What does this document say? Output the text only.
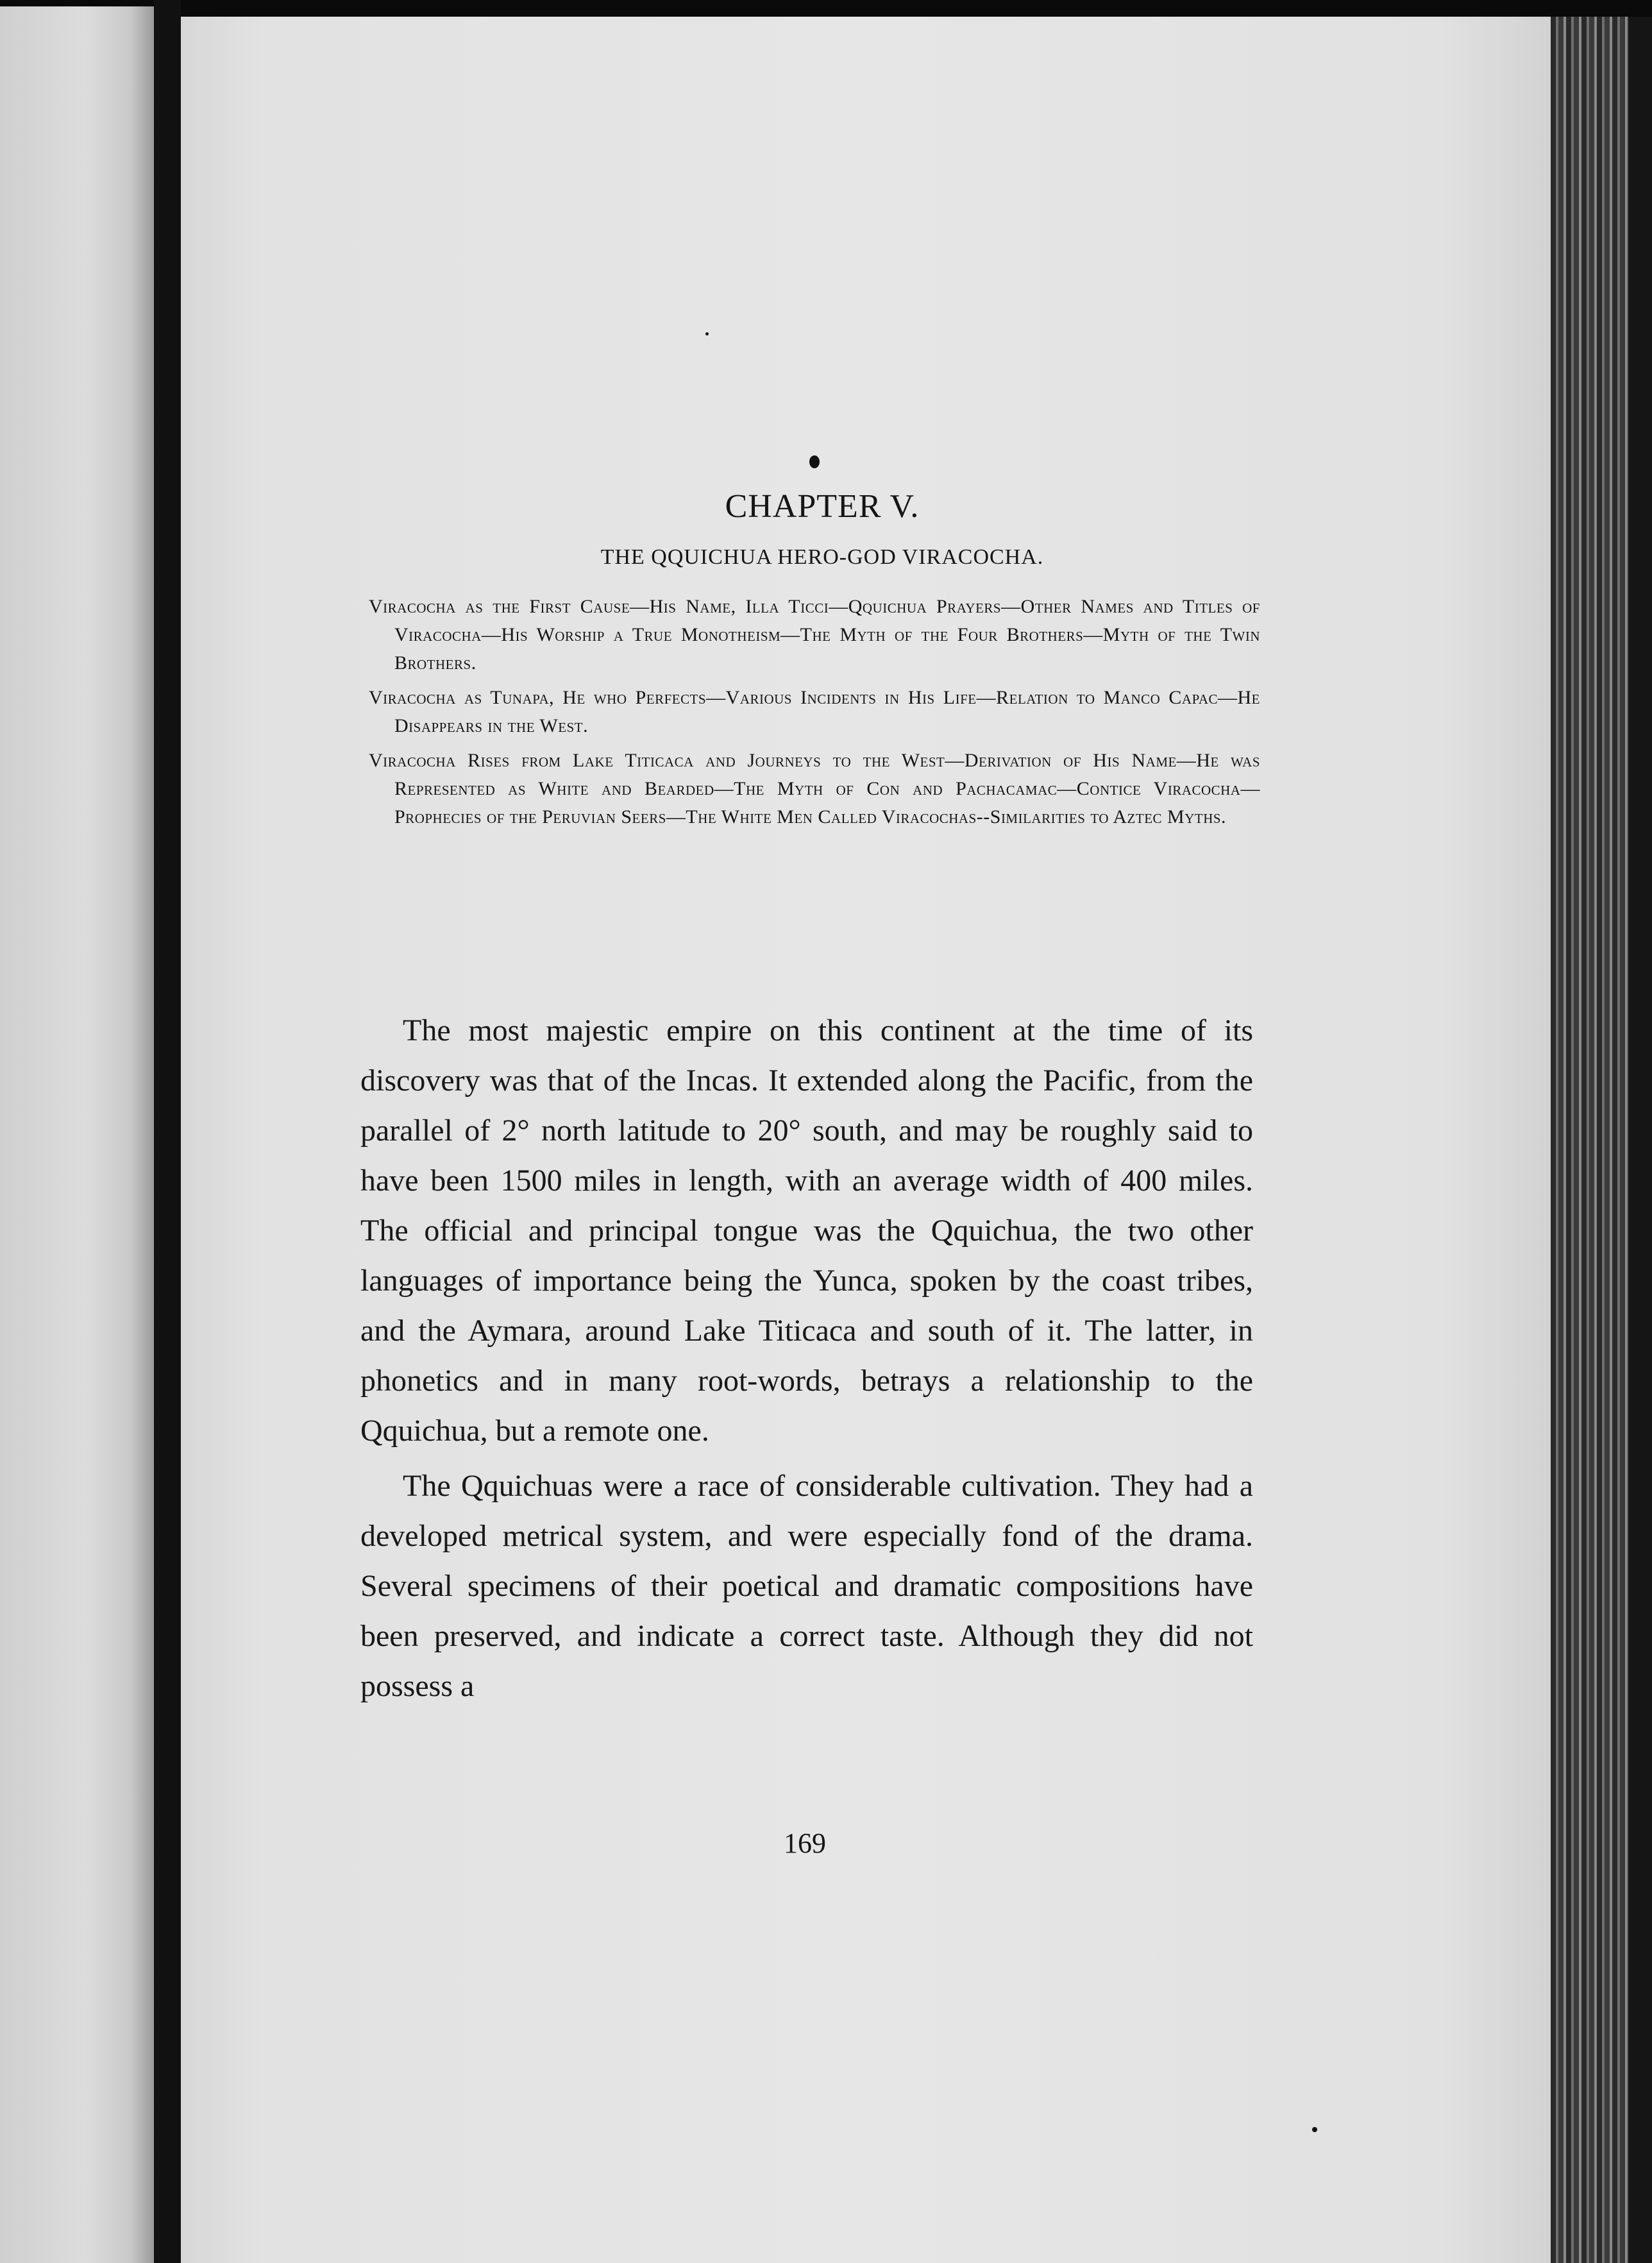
CHAPTER V.
THE QQUICHUA HERO-GOD VIRACOCHA.

Viracocha as the First Cause—His Name, Illa Ticci—Qquichua Prayers—Other Names and Titles of Viracocha—His Worship a True Monotheism—The Myth of the Four Brothers—Myth of the Twin Brothers.

Viracocha as Tunapa, He who Perfects—Various Incidents in His Life—Relation to Manco Capac—He Disappears in the West.

Viracocha Rises from Lake Titicaca and Journeys to the West—Derivation of His Name—He was Represented as White and Bearded—The Myth of Con and Pachacamac—Contice Viracocha—Prophecies of the Peruvian Seers—The White Men Called Viracochas--Similarities to Aztec Myths.

The most majestic empire on this continent at the time of its discovery was that of the Incas. It extended along the Pacific, from the parallel of 2° north latitude to 20° south, and may be roughly said to have been 1500 miles in length, with an average width of 400 miles. The official and principal tongue was the Qquichua, the two other languages of importance being the Yunca, spoken by the coast tribes, and the Aymara, around Lake Titicaca and south of it. The latter, in phonetics and in many root-words, betrays a relationship to the Qquichua, but a remote one.

The Qquichuas were a race of considerable cultivation. They had a developed metrical system, and were especially fond of the drama. Several specimens of their poetical and dramatic compositions have been preserved, and indicate a correct taste. Although they did not possess a

169
